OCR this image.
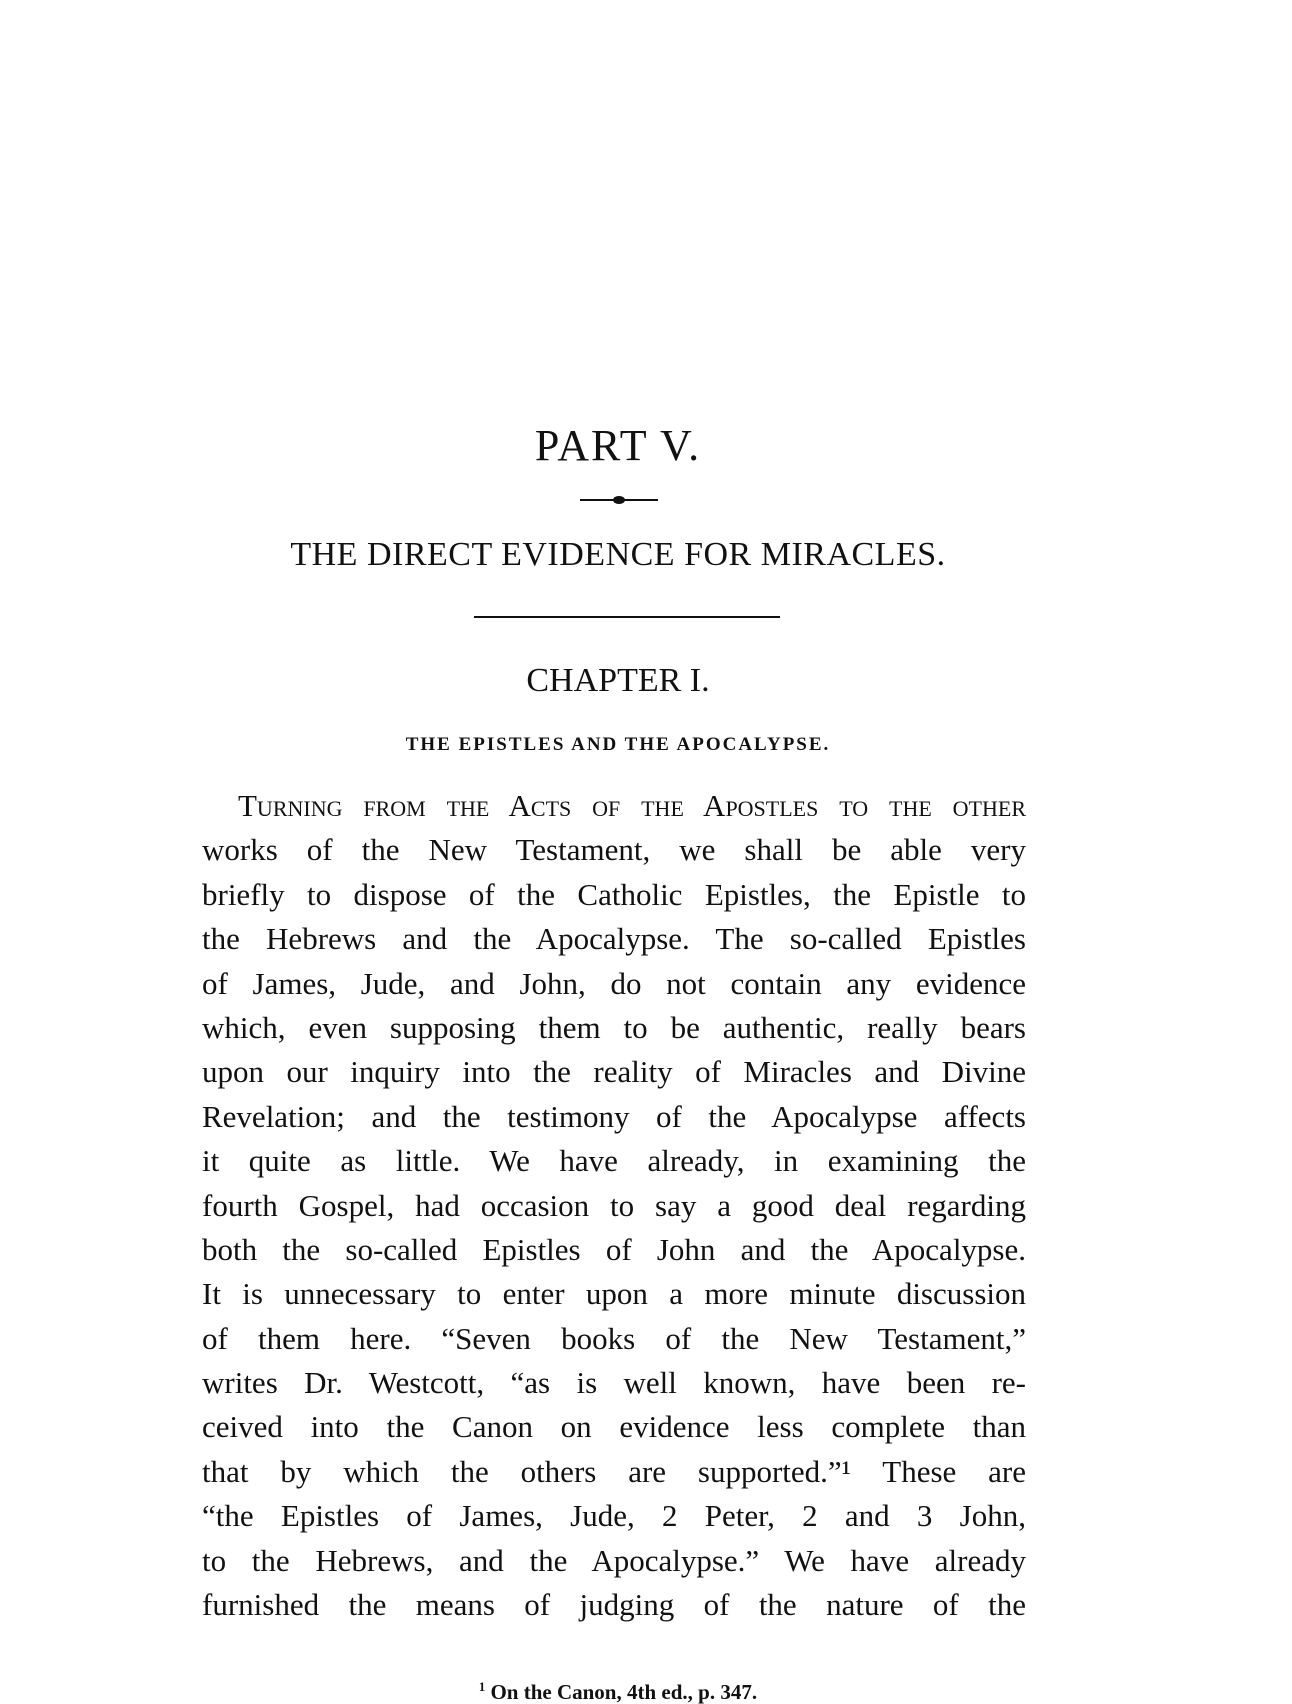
PART V.
THE DIRECT EVIDENCE FOR MIRACLES.
CHAPTER I.
THE EPISTLES AND THE APOCALYPSE.
Turning from the Acts of the Apostles to the other
works of the New Testament, we shall be able very
briefly to dispose of the Catholic Epistles, the Epistle to
the Hebrews and the Apocalypse. The so-called Epistles
of James, Jude, and John, do not contain any evidence
which, even supposing them to be authentic, really bears
upon our inquiry into the reality of Miracles and Divine
Revelation; and the testimony of the Apocalypse affects
it quite as little. We have already, in examining the
fourth Gospel, had occasion to say a good deal regarding
both the so-called Epistles of John and the Apocalypse.
It is unnecessary to enter upon a more minute discussion
of them here. “Seven books of the New Testament,”
writes Dr. Westcott, “as is well known, have been re-
ceived into the Canon on evidence less complete than
that by which the others are supported.”¹ These are
“the Epistles of James, Jude, 2 Peter, 2 and 3 John,
to the Hebrews, and the Apocalypse.” We have already
furnished the means of judging of the nature of the
$^1$ On the Canon, 4th ed., p. 347.
